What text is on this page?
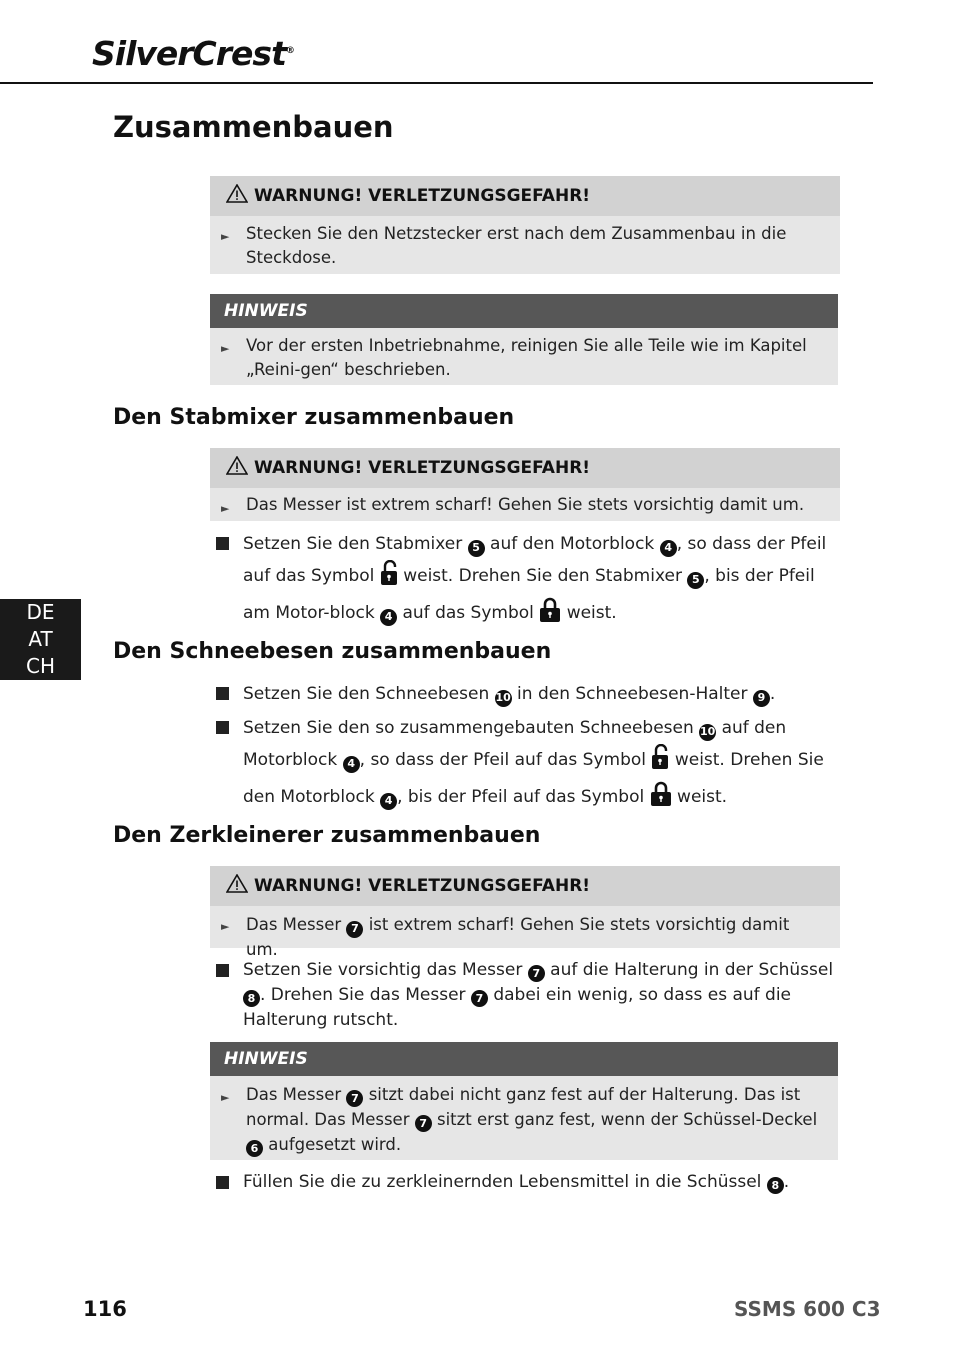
SilverCrest®
Zusammenbauen
WARNUNG! VERLETZUNGSGEFAHR!
► Stecken Sie den Netzstecker erst nach dem Zusammenbau in die Steckdose.
HINWEIS
► Vor der ersten Inbetriebnahme, reinigen Sie alle Teile wie im Kapitel „Reini-gen“ beschrieben.
Den Stabmixer zusammenbauen
WARNUNG! VERLETZUNGSGEFAHR!
► Das Messer ist extrem scharf! Gehen Sie stets vorsichtig damit um.
Setzen Sie den Stabmixer 5 auf den Motorblock 4 , so dass der Pfeil auf das Symbol weist. Drehen Sie den Stabmixer 5 , bis der Pfeil am Motor-block 4 auf das Symbol weist.
Den Schneebesen zusammenbauen
Setzen Sie den Schneebesen 10 in den Schneebesen-Halter 9 .
Setzen Sie den so zusammengebauten Schneebesen 10 auf den Motorblock 4 , so dass der Pfeil auf das Symbol weist. Drehen Sie den Motorblock 4 , bis der Pfeil auf das Symbol weist.
Den Zerkleinerer zusammenbauen
WARNUNG! VERLETZUNGSGEFAHR!
► Das Messer 7 ist extrem scharf! Gehen Sie stets vorsichtig damit um.
Setzen Sie vorsichtig das Messer 7 auf die Halterung in der Schüssel 8 . Drehen Sie das Messer 7 dabei ein wenig, so dass es auf die Halterung rutscht.
HINWEIS
► Das Messer 7 sitzt dabei nicht ganz fest auf der Halterung. Das ist normal. Das Messer 7 sitzt erst ganz fest, wenn der Schüssel-Deckel 6 aufgesetzt wird.
Füllen Sie die zu zerkleinernden Lebensmittel in die Schüssel 8 .
DE
AT
CH
116	SSMS 600 C3
